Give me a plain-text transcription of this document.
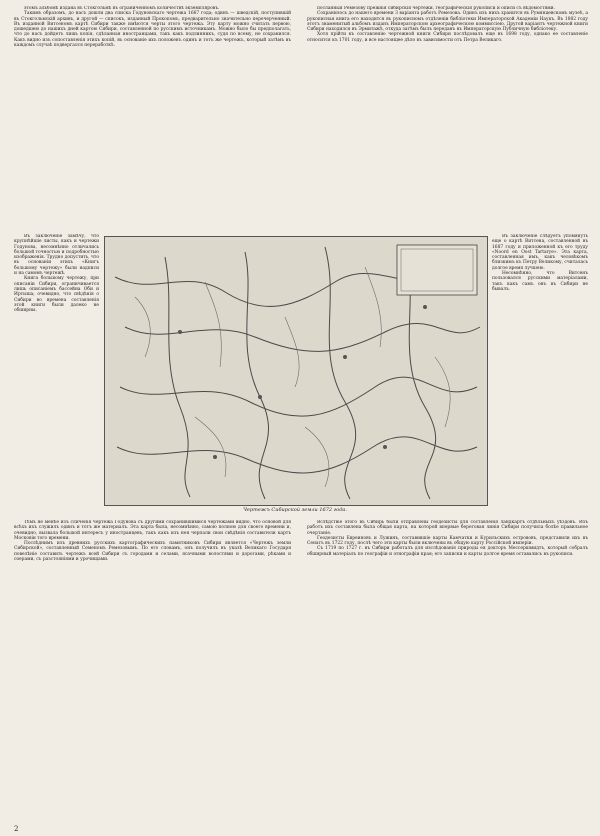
этомъ альбомѣ издана въ Стокгольмѣ въ ограниченномъ количествѣ экземпляровъ.

Такимъ образомъ, до насъ дошли два списка Годуновскаго чертежа 1667 года; одинъ — шведскій, поступившій въ Стокгольмскій архивъ, и другой — списокъ, изданный Прокопомъ, предварительно значительно перечерченный. Въ изданной Витсеномъ картѣ Сибири также имѣются черты этого чертежа. Эту карту можно считать первою, дошедшею до нашихъ дней картою Сибири, составленной по русскимъ источникамъ. Можно было бы предполагать, что до насъ дойдетъ лишь копія, сдѣланная иностранцами, такъ какъ подлинникъ, судя по всему, не сохранился. Какъ видно изъ сопоставленія этихъ копій, въ основаніе ихъ положенъ одинъ и тотъ же чертежъ, который затѣмъ въ каждомъ случаѣ подвергался переработкѣ.

посланныя Ремезову прежнія сибирскія чертежи, географическія рукописи и описи съ вѣдомостями.

Сохранилось до нашего времени 3 варіанта работъ Ремезова. Одинъ изъ нихъ хранится въ Румянцевскомъ музеѣ, а рукописная книга его находится въ рукописномъ отдѣленіи библіотеки Императорской Академіи Наукъ. Въ 1882 году этотъ знаменитый альбомъ изданъ Императорскою археографическою коммиссіею. Другой варіантъ чертежной книги Сибири находился въ Эрмитажѣ, откуда затѣмъ былъ переданъ въ Императорскую Публичную библіотеку.

Хотя прійти къ составленію чертежной книги Сибири послѣдовалъ еще въ 1698 году, однако ее составленіе относится къ 1701 году, и все настоящее дѣло въ зависимости отъ Петра Великаго.

Въ заключеніе замѣчу, что крупнѣйшіе листы, какъ и чертежи Годунова, несомнѣнно отличались большой точностью и подробностью изображенія. Трудно допустить, что въ основаніи этихъ «Книгъ большому чертежу» были надписи и на самомъ чертежѣ.

Книга большому чертежу, при описаніи Сибири, ограничивается лишь описаніемъ бассейна Оби и Иртыша; очевидно, что свѣдѣнія о Сибири во времена составленія этой книги были далеко не обширны.

Чертежъ Сибирской земли 1672 года.

Въ заключеніе слѣдуетъ упомянуть еще о картѣ Витсена, составленной въ 1687 году и приложенной къ его труду «Noord en Oost Tartarye». Эта карта, составленная имъ, какъ человѣкомъ близкимъ къ Петру Великому, считалась долгое время лучшею.

Несомнѣнно, что Витсенъ пользовался русскими матеріалами, такъ какъ самъ онъ въ Сибири не бывалъ.

Тѣмъ не менѣе изъ сличенія чертежа Годунова съ другими сохранившимися чертежами видно, что основой для всѣхъ ихъ служилъ одинъ и тотъ же материалъ. Эта карта была, несомнѣнно, самою полною для своего времени и, очевидно, вызвала большой интересъ у иностранцевъ, такъ какъ изъ нея черпали свои свѣдѣнія составители картъ Московіи того времени.

Послѣднимъ изъ древнихъ русскихъ картографическихъ памятниковъ Сибири является «Чертежъ земли Сибирской», составленный Семеномъ Ремезовымъ. По его словамъ, онъ получилъ въ указѣ Великаго Государя повелѣніе составить чертежъ всей Сибири съ городами и селами, ясачными волостями и дорогами, рѣками и озерами, съ разстояніями и урочищами.

Вслѣдствіе этого въ Сибирь были отправлены геодезисты для составленія ландкартъ отдѣльныхъ уѣздовъ. Изъ работъ ихъ составлена была общая карта, на которой впервые береговая линія Сибири получила болѣе правильное очертаніе.

Геодезисты Евреиновъ и Лужинъ, составившіе карты Камчатки и Курильскихъ острововъ, представили ихъ въ Сенатъ въ 1722 году, послѣ чего эти карты были включены въ общую карту Россійской имперіи.

Съ 1719 по 1727 г. въ Сибири работалъ для изслѣдованія природы ея докторъ Мессершмидтъ, который собралъ обширный матеріалъ по географіи и этнографіи края; его записки и карты долгое время оставались въ рукописи.

2
